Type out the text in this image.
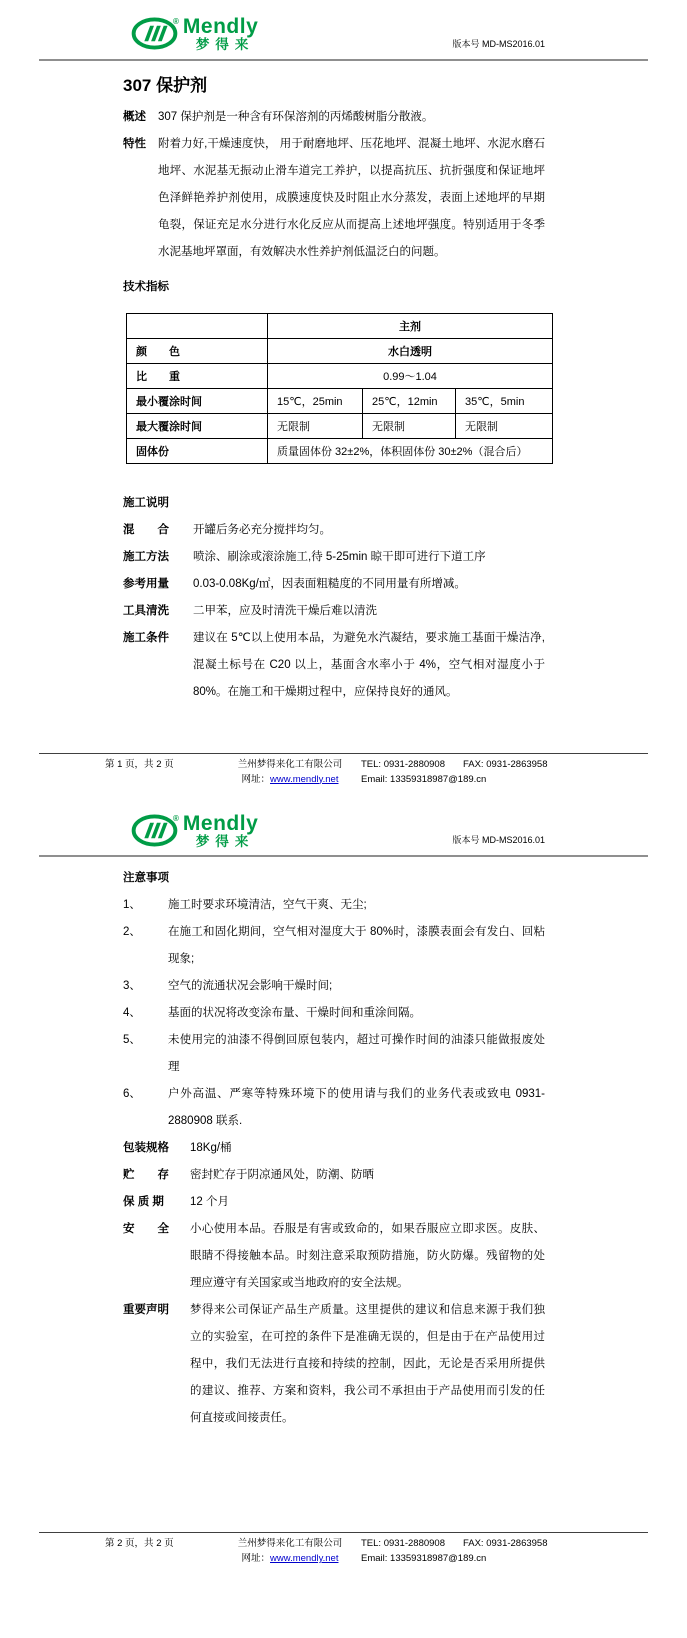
® Mendly
梦得来	版本号 MD-MS2016.01
307 保护剂
概述	307 保护剂是一种含有环保溶剂的丙烯酸树脂分散液。
特性	附着力好,干燥速度快， 用于耐磨地坪、压花地坪、混凝土地坪、水泥水磨石地坪、水泥基无振动止滑车道完工养护，以提高抗压、抗折强度和保证地坪色泽鲜艳养护剂使用，成膜速度快及时阻止水分蒸发，表面上述地坪的早期龟裂，保证充足水分进行水化反应从而提高上述地坪强度。特别适用于冬季水泥基地坪罩面，有效解决水性养护剂低温泛白的问题。
技术指标
	主剂		
颜　　色	水白透明		
比　　重	0.99～1.04		
最小覆涂时间	15℃，25min	25℃，12min	35℃，5min
最大覆涂时间	无限制	无限制	无限制
固体份	质量固体份 32±2%，体积固体份 30±2%（混合后）		
施工说明
混　　合	开罐后务必充分搅拌均匀。
施工方法	喷涂、刷涂或滚涂施工,待 5-25min 晾干即可进行下道工序
参考用量	0.03-0.08Kg/㎡，因表面粗糙度的不同用量有所增减。
工具清洗	二甲苯，应及时清洗干燥后难以清洗
施工条件	建议在 5℃以上使用本品，为避免水汽凝结，要求施工基面干燥洁净,混凝土标号在 C20 以上，基面含水率小于 4%，空气相对湿度小于 80%。在施工和干燥期过程中，应保持良好的通风。
第 1 页，共 2 页	兰州梦得来化工有限公司
网址：www.mendly.net
TEL: 0931-2880908 FAX: 0931-2863958
Email: 13359318987@189.cn
® Mendly
梦得来	版本号 MD-MS2016.01
注意事项
1、	施工时要求环境清洁，空气干爽、无尘;
2、	在施工和固化期间，空气相对湿度大于 80%时，漆膜表面会有发白、回粘现象;
3、	空气的流通状况会影响干燥时间;
4、	基面的状况将改变涂布量、干燥时间和重涂间隔。
5、	未使用完的油漆不得倒回原包装内，超过可操作时间的油漆只能做报废处理
6、	户外高温、严寒等特殊环境下的使用请与我们的业务代表或致电 0931-2880908 联系.
包装规格	18Kg/桶
贮　　存	密封贮存于阴凉通风处，防潮、防晒
保 质 期	12 个月
安　　全	小心使用本品。吞服是有害或致命的，如果吞服应立即求医。皮肤、眼睛不得接触本品。时刻注意采取预防措施，防火防爆。残留物的处理应遵守有关国家或当地政府的安全法规。
重要声明	梦得来公司保证产品生产质量。这里提供的建议和信息来源于我们独立的实验室，在可控的条件下是准确无误的，但是由于在产品使用过程中，我们无法进行直接和持续的控制，因此，无论是否采用所提供的建议、推荐、方案和资料，我公司不承担由于产品使用而引发的任何直接或间接责任。
第 2 页，共 2 页	兰州梦得来化工有限公司
网址：www.mendly.net
TEL: 0931-2880908 FAX: 0931-2863958
Email: 13359318987@189.cn
